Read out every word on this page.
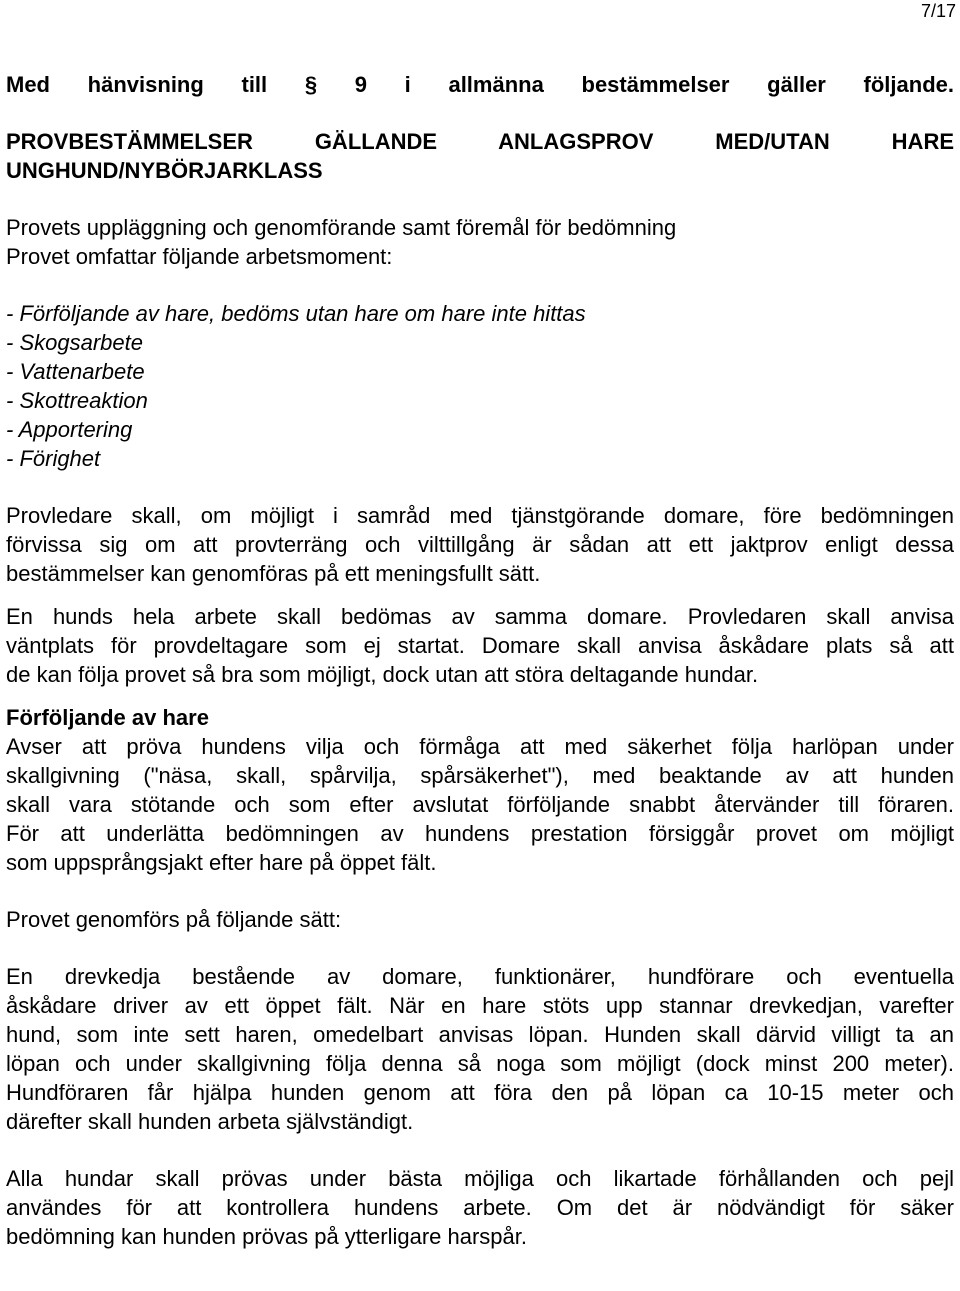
7/17

Med hänvisning till § 9 i allmänna bestämmelser gäller följande.

PROVBESTÄMMELSER GÄLLANDE ANLAGSPROV MED/UTAN HARE

UNGHUND/NYBÖRJARKLASS

Provets uppläggning och genomförande samt föremål för bedömning

Provet omfattar följande arbetsmoment:

- Förföljande av hare, bedöms utan hare om hare inte hittas
- Skogsarbete
- Vattenarbete
- Skottreaktion
- Apportering
- Förighet

Provledare skall, om möjligt i samråd med tjänstgörande domare, före bedömningen

förvissa sig om att provterräng och vilttillgång är sådan att ett jaktprov enligt dessa

bestämmelser kan genomföras på ett meningsfullt sätt.

En hunds hela arbete skall bedömas av samma domare. Provledaren skall anvisa

väntplats för provdeltagare som ej startat. Domare skall anvisa åskådare plats så att

de kan följa provet så bra som möjligt, dock utan att störa deltagande hundar.

Förföljande av hare

Avser att pröva hundens vilja och förmåga att med säkerhet följa harlöpan under

skallgivning ("näsa, skall, spårvilja, spårsäkerhet"), med beaktande av att hunden

skall vara stötande och som efter avslutat förföljande snabbt återvänder till föraren.

För att underlätta bedömningen av hundens prestation försiggår provet om möjligt

som uppsprångsjakt efter hare på öppet fält.

Provet genomförs på följande sätt:

En drevkedja bestående av domare, funktionärer, hundförare och eventuella

åskådare driver av ett öppet fält. När en hare stöts upp stannar drevkedjan, varefter

hund, som inte sett haren, omedelbart anvisas löpan. Hunden skall därvid villigt ta an

löpan och under skallgivning följa denna så noga som möjligt (dock minst 200 meter).

Hundföraren får hjälpa hunden genom att föra den på löpan ca 10-15 meter och

därefter skall hunden arbeta självständigt.

Alla hundar skall prövas under bästa möjliga och likartade förhållanden och pejl

användes för att kontrollera hundens arbete. Om det är nödvändigt för säker

bedömning kan hunden prövas på ytterligare harspår.
